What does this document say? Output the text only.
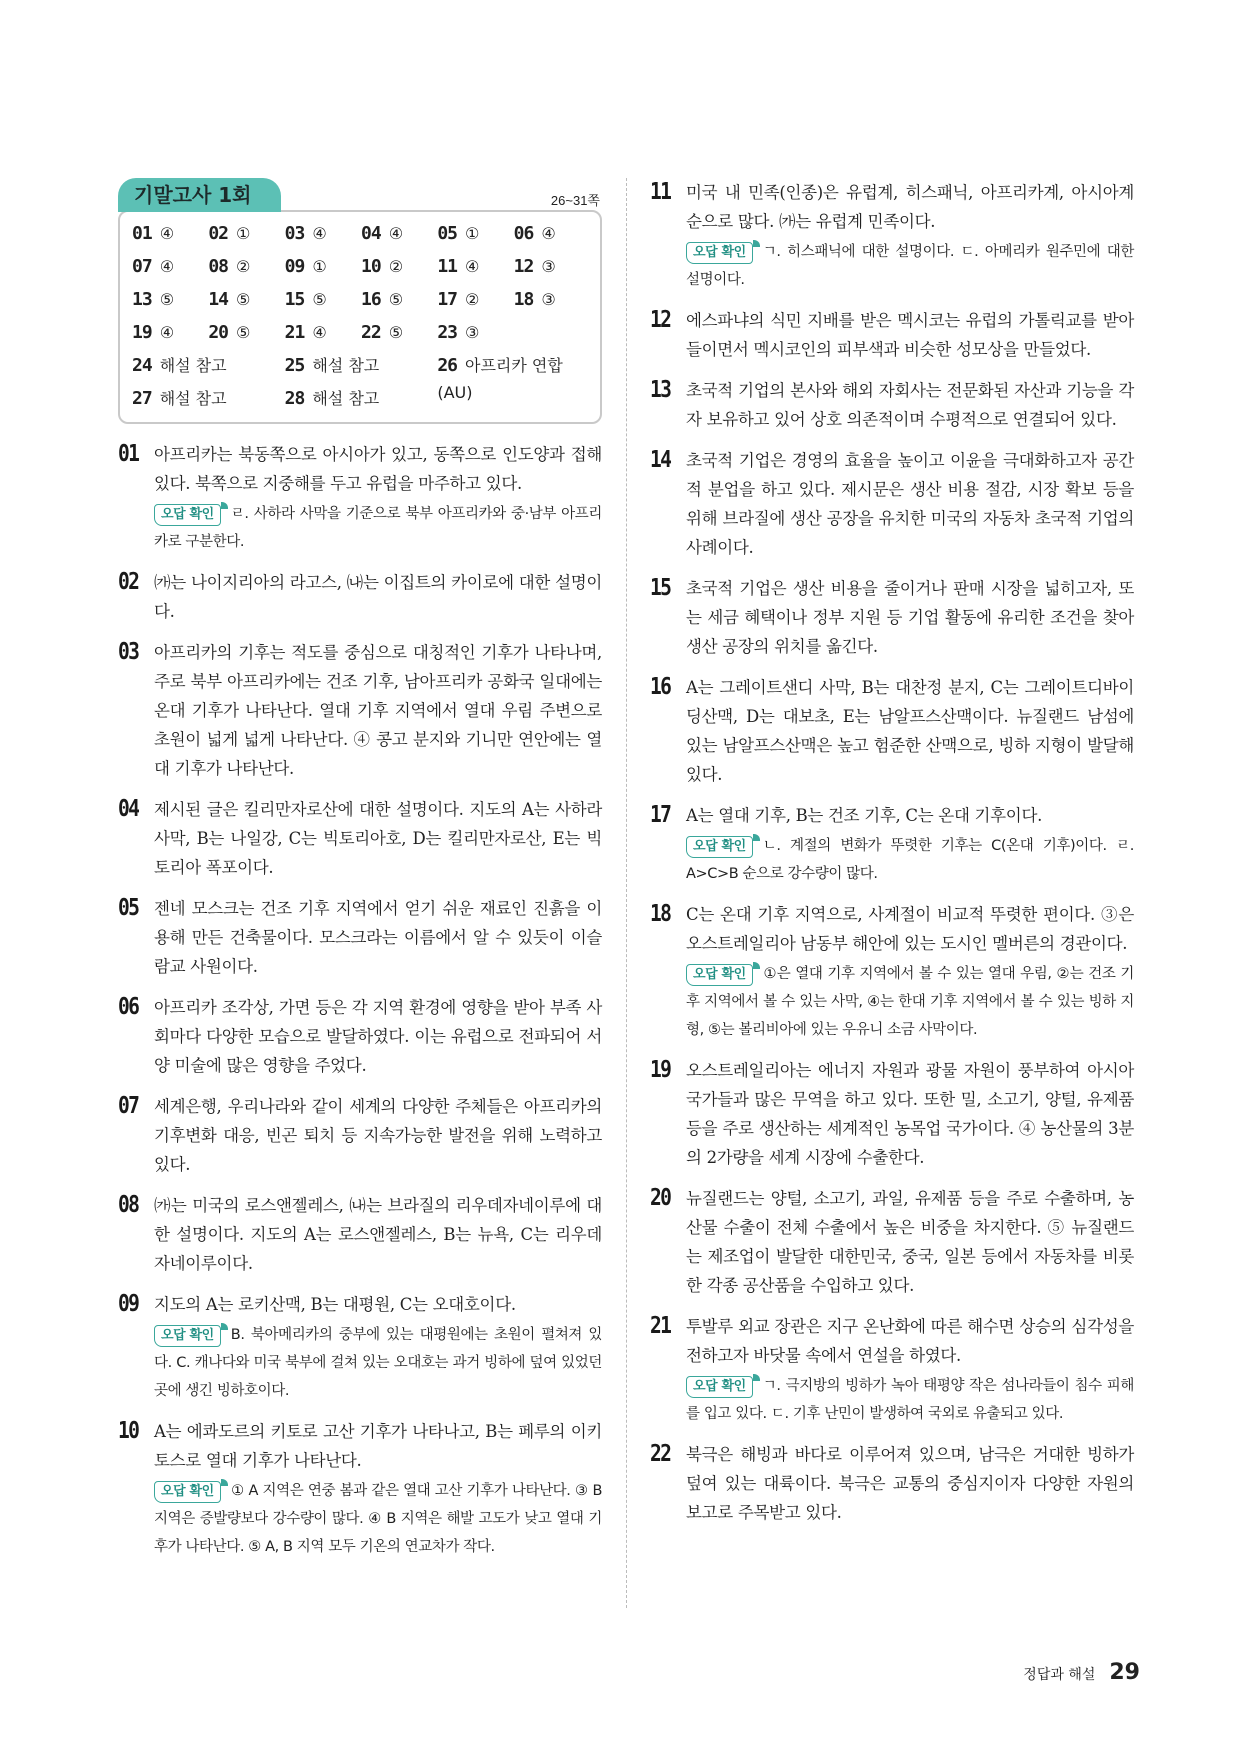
기말고사 1회	26~31쪽
01 ④	02 ①	03 ④	04 ④	05 ①	06 ④
07 ④	08 ②	09 ①	10 ②	11 ④	12 ③
13 ⑤	14 ⑤	15 ⑤	16 ⑤	17 ②	18 ③
19 ④	20 ⑤	21 ④	22 ⑤	23 ③
24 해설 참고	25 해설 참고	26 아프리카 연합(AU)
27 해설 참고	28 해설 참고
01 아프리카는 북동쪽으로 아시아가 있고, 동쪽으로 인도양과 접해 있다. 북쪽으로 지중해를 두고 유럽을 마주하고 있다.
오답 확인 ㄹ. 사하라 사막을 기준으로 북부 아프리카와 중·남부 아프리카로 구분한다.
02 ㈎는 나이지리아의 라고스, ㈏는 이집트의 카이로에 대한 설명이다.
03 아프리카의 기후는 적도를 중심으로 대칭적인 기후가 나타나며, 주로 북부 아프리카에는 건조 기후, 남아프리카 공화국 일대에는 온대 기후가 나타난다. 열대 기후 지역에서 열대 우림 주변으로 초원이 넓게 넓게 나타난다. ④ 콩고 분지와 기니만 연안에는 열대 기후가 나타난다.
04 제시된 글은 킬리만자로산에 대한 설명이다. 지도의 A는 사하라 사막, B는 나일강, C는 빅토리아호, D는 킬리만자로산, E는 빅토리아 폭포이다.
05 젠네 모스크는 건조 기후 지역에서 얻기 쉬운 재료인 진흙을 이용해 만든 건축물이다. 모스크라는 이름에서 알 수 있듯이 이슬람교 사원이다.
06 아프리카 조각상, 가면 등은 각 지역 환경에 영향을 받아 부족 사회마다 다양한 모습으로 발달하였다. 이는 유럽으로 전파되어 서양 미술에 많은 영향을 주었다.
07 세계은행, 우리나라와 같이 세계의 다양한 주체들은 아프리카의 기후변화 대응, 빈곤 퇴치 등 지속가능한 발전을 위해 노력하고 있다.
08 ㈎는 미국의 로스앤젤레스, ㈏는 브라질의 리우데자네이루에 대한 설명이다. 지도의 A는 로스앤젤레스, B는 뉴욕, C는 리우데자네이루이다.
09 지도의 A는 로키산맥, B는 대평원, C는 오대호이다.
오답 확인 B. 북아메리카의 중부에 있는 대평원에는 초원이 펼쳐져 있다. C. 캐나다와 미국 북부에 걸쳐 있는 오대호는 과거 빙하에 덮여 있었던 곳에 생긴 빙하호이다.
10 A는 에콰도르의 키토로 고산 기후가 나타나고, B는 페루의 이키토스로 열대 기후가 나타난다.
오답 확인 ① A 지역은 연중 봄과 같은 열대 고산 기후가 나타난다. ③ B 지역은 증발량보다 강수량이 많다. ④ B 지역은 해발 고도가 낮고 열대 기후가 나타난다. ⑤ A, B 지역 모두 기온의 연교차가 작다.
11 미국 내 민족(인종)은 유럽계, 히스패닉, 아프리카계, 아시아계 순으로 많다. ㈎는 유럽계 민족이다.
오답 확인 ㄱ. 히스패닉에 대한 설명이다. ㄷ. 아메리카 원주민에 대한 설명이다.
12 에스파냐의 식민 지배를 받은 멕시코는 유럽의 가톨릭교를 받아들이면서 멕시코인의 피부색과 비슷한 성모상을 만들었다.
13 초국적 기업의 본사와 해외 자회사는 전문화된 자산과 기능을 각자 보유하고 있어 상호 의존적이며 수평적으로 연결되어 있다.
14 초국적 기업은 경영의 효율을 높이고 이윤을 극대화하고자 공간적 분업을 하고 있다. 제시문은 생산 비용 절감, 시장 확보 등을 위해 브라질에 생산 공장을 유치한 미국의 자동차 초국적 기업의 사례이다.
15 초국적 기업은 생산 비용을 줄이거나 판매 시장을 넓히고자, 또는 세금 혜택이나 정부 지원 등 기업 활동에 유리한 조건을 찾아 생산 공장의 위치를 옮긴다.
16 A는 그레이트샌디 사막, B는 대찬정 분지, C는 그레이트디바이딩산맥, D는 대보초, E는 남알프스산맥이다. 뉴질랜드 남섬에 있는 남알프스산맥은 높고 험준한 산맥으로, 빙하 지형이 발달해 있다.
17 A는 열대 기후, B는 건조 기후, C는 온대 기후이다.
오답 확인 ㄴ. 계절의 변화가 뚜렷한 기후는 C(온대 기후)이다. ㄹ. A>C>B 순으로 강수량이 많다.
18 C는 온대 기후 지역으로, 사계절이 비교적 뚜렷한 편이다. ③은 오스트레일리아 남동부 해안에 있는 도시인 멜버른의 경관이다.
오답 확인 ①은 열대 기후 지역에서 볼 수 있는 열대 우림, ②는 건조 기후 지역에서 볼 수 있는 사막, ④는 한대 기후 지역에서 볼 수 있는 빙하 지형, ⑤는 볼리비아에 있는 우유니 소금 사막이다.
19 오스트레일리아는 에너지 자원과 광물 자원이 풍부하여 아시아 국가들과 많은 무역을 하고 있다. 또한 밀, 소고기, 양털, 유제품 등을 주로 생산하는 세계적인 농목업 국가이다. ④ 농산물의 3분의 2가량을 세계 시장에 수출한다.
20 뉴질랜드는 양털, 소고기, 과일, 유제품 등을 주로 수출하며, 농산물 수출이 전체 수출에서 높은 비중을 차지한다. ⑤ 뉴질랜드는 제조업이 발달한 대한민국, 중국, 일본 등에서 자동차를 비롯한 각종 공산품을 수입하고 있다.
21 투발루 외교 장관은 지구 온난화에 따른 해수면 상승의 심각성을 전하고자 바닷물 속에서 연설을 하였다.
오답 확인 ㄱ. 극지방의 빙하가 녹아 태평양 작은 섬나라들이 침수 피해를 입고 있다. ㄷ. 기후 난민이 발생하여 국외로 유출되고 있다.
22 북극은 해빙과 바다로 이루어져 있으며, 남극은 거대한 빙하가 덮여 있는 대륙이다. 북극은 교통의 중심지이자 다양한 자원의 보고로 주목받고 있다.
정답과 해설 29
